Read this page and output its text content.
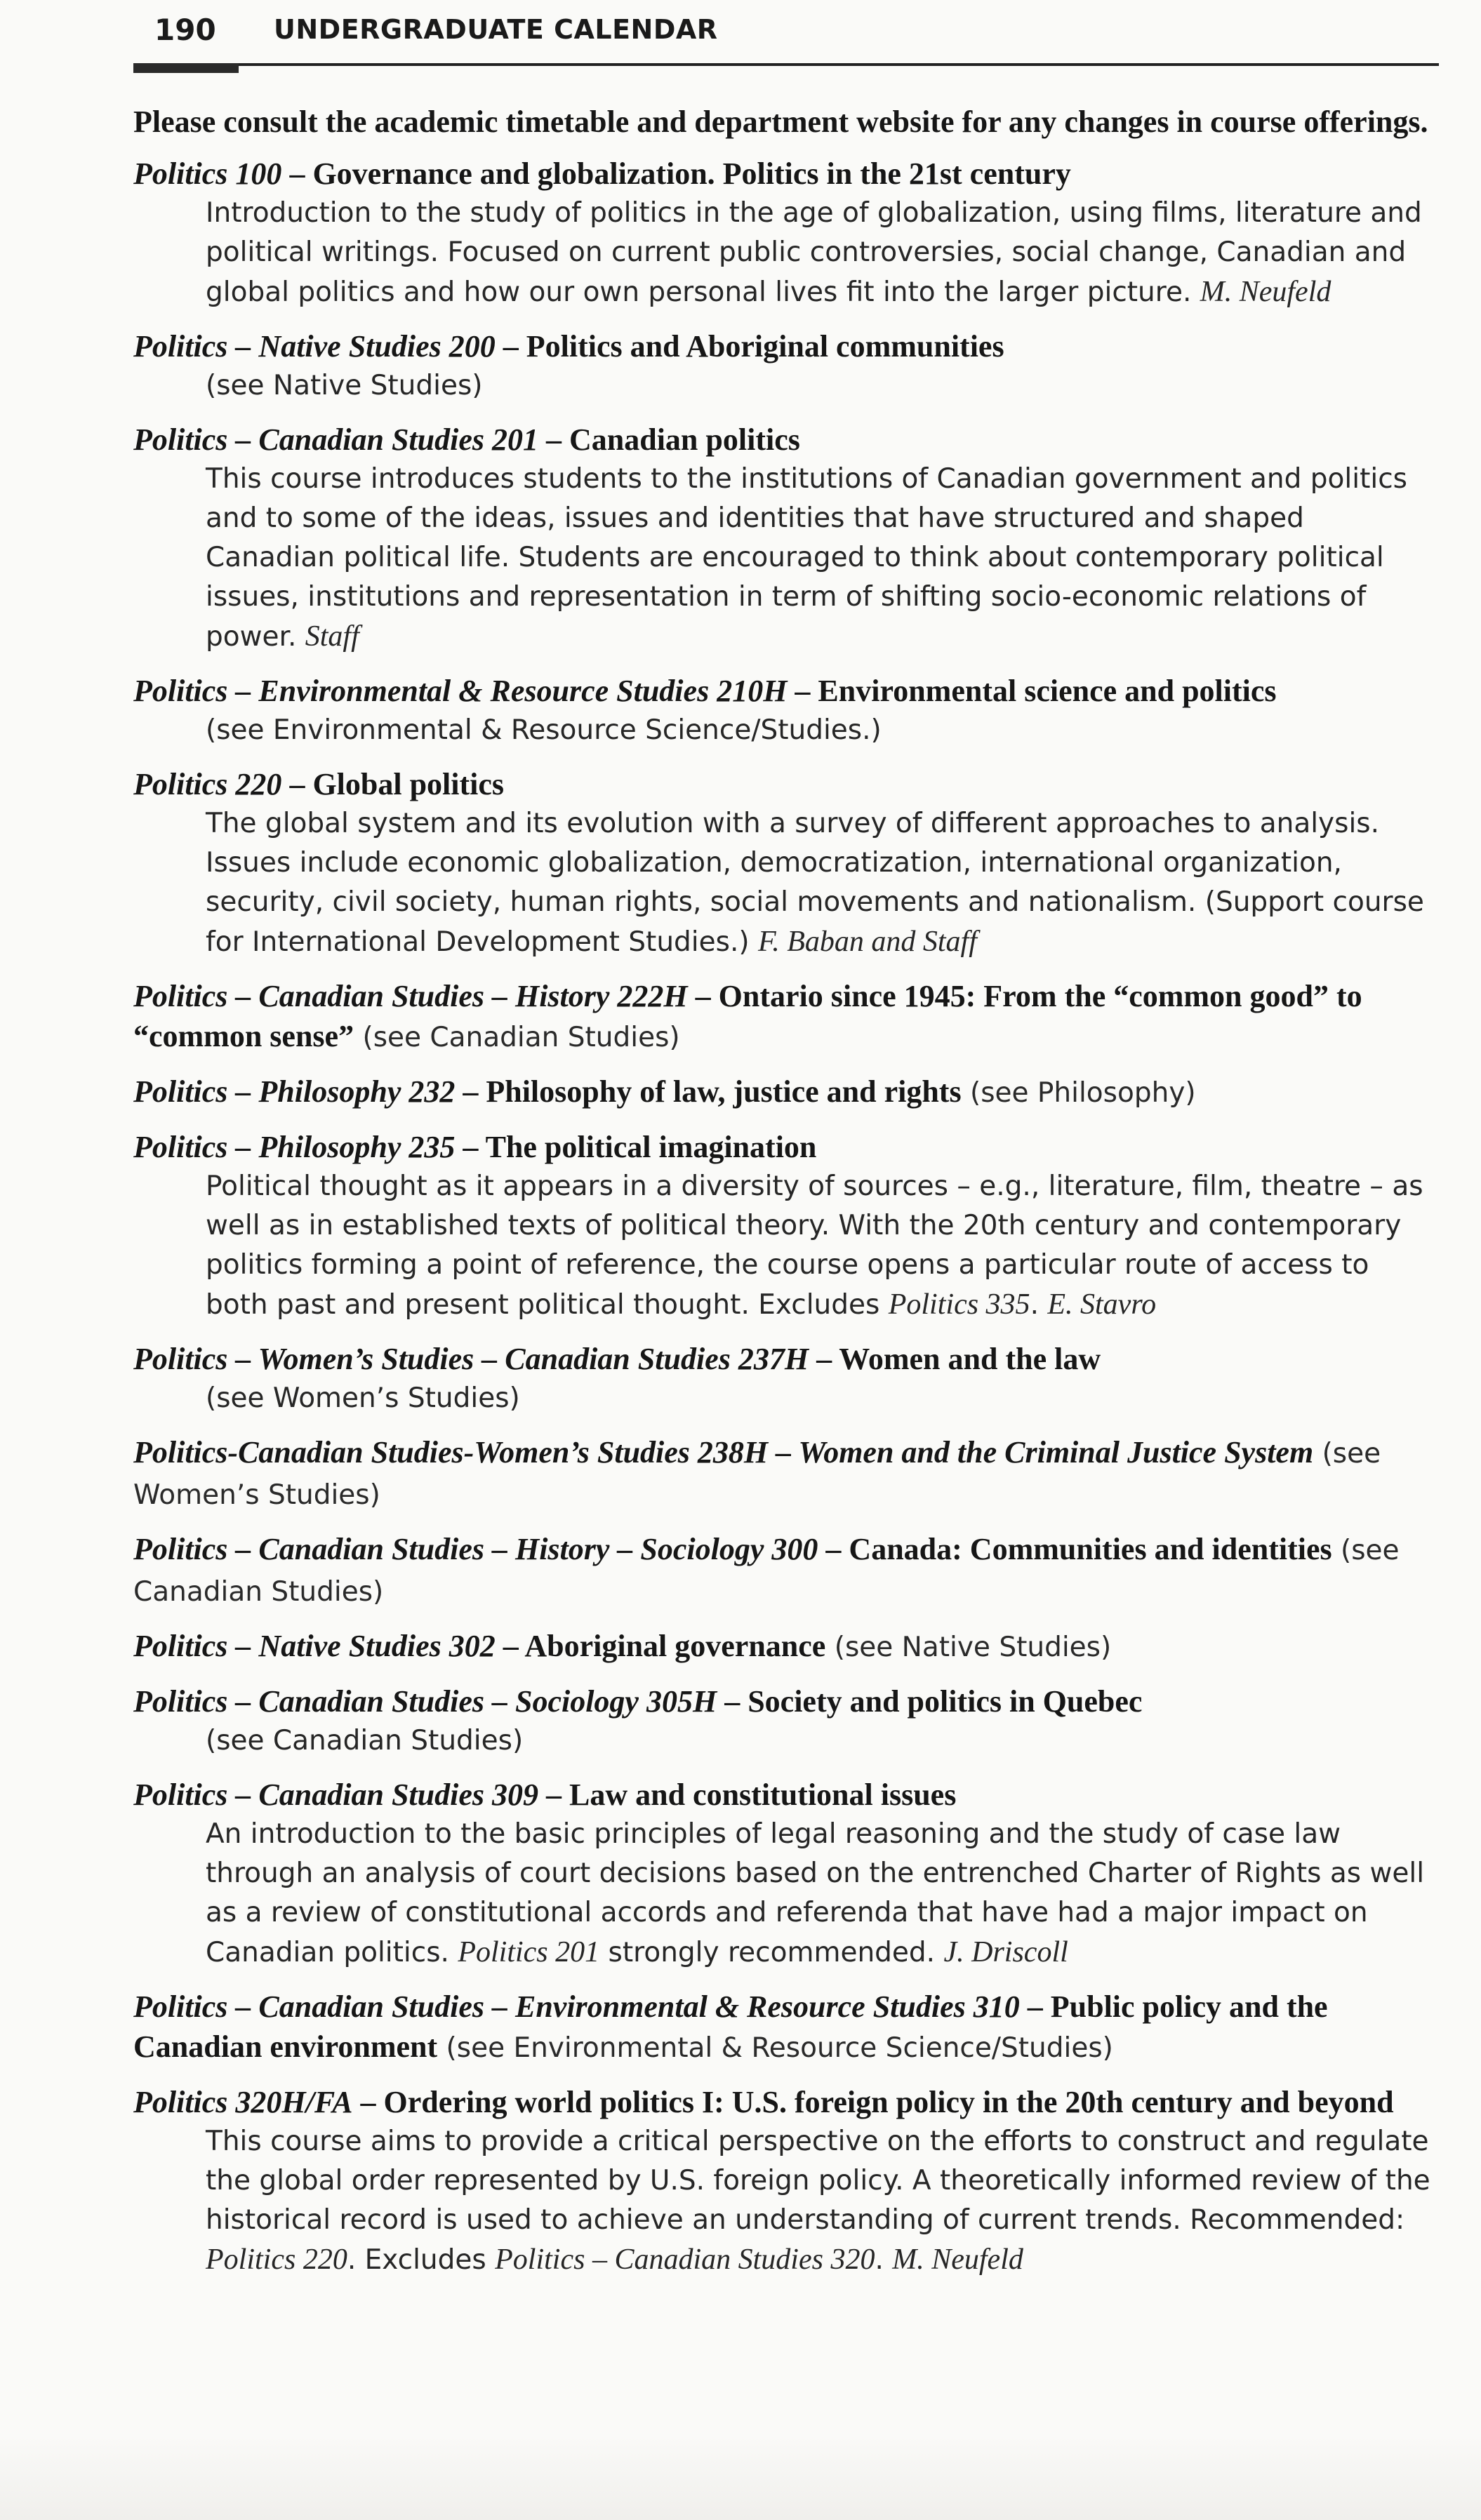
190 UNDERGRADUATE CALENDAR

Please consult the academic timetable and department website for any changes in course offerings.

Politics 100 – Governance and globalization. Politics in the 21st century
Introduction to the study of politics in the age of globalization, using films, literature and political writings. Focused on current public controversies, social change, Canadian and global politics and how our own personal lives fit into the larger picture. M. Neufeld
Politics – Native Studies 200 – Politics and Aboriginal communities
(see Native Studies)
Politics – Canadian Studies 201 – Canadian politics
This course introduces students to the institutions of Canadian government and politics and to some of the ideas, issues and identities that have structured and shaped Canadian political life. Students are encouraged to think about contemporary political issues, institutions and representation in term of shifting socio-economic relations of power. Staff
Politics – Environmental & Resource Studies 210H – Environmental science and politics
(see Environmental & Resource Science/Studies.)
Politics 220 – Global politics
The global system and its evolution with a survey of different approaches to analysis. Issues include economic globalization, democratization, international organization, security, civil society, human rights, social movements and nationalism. (Support course for International Development Studies.) F. Baban and Staff
Politics – Canadian Studies – History 222H – Ontario since 1945: From the “common good” to “common sense” (see Canadian Studies)
Politics – Philosophy 232 – Philosophy of law, justice and rights (see Philosophy)
Politics – Philosophy 235 – The political imagination
Political thought as it appears in a diversity of sources – e.g., literature, film, theatre – as well as in established texts of political theory. With the 20th century and contemporary politics forming a point of reference, the course opens a particular route of access to both past and present political thought. Excludes Politics 335. E. Stavro
Politics – Women’s Studies – Canadian Studies 237H – Women and the law
(see Women’s Studies)
Politics-Canadian Studies-Women’s Studies 238H – Women and the Criminal Justice System (see Women’s Studies)
Politics – Canadian Studies – History – Sociology 300 – Canada: Communities and identities (see Canadian Studies)
Politics – Native Studies 302 – Aboriginal governance (see Native Studies)
Politics – Canadian Studies – Sociology 305H – Society and politics in Quebec
(see Canadian Studies)
Politics – Canadian Studies 309 – Law and constitutional issues
An introduction to the basic principles of legal reasoning and the study of case law through an analysis of court decisions based on the entrenched Charter of Rights as well as a review of constitutional accords and referenda that have had a major impact on Canadian politics. Politics 201 strongly recommended. J. Driscoll
Politics – Canadian Studies – Environmental & Resource Studies 310 – Public policy and the Canadian environment (see Environmental & Resource Science/Studies)
Politics 320H/FA – Ordering world politics I: U.S. foreign policy in the 20th century and beyond
This course aims to provide a critical perspective on the efforts to construct and regulate the global order represented by U.S. foreign policy. A theoretically informed review of the historical record is used to achieve an understanding of current trends. Recommended: Politics 220. Excludes Politics – Canadian Studies 320. M. Neufeld
